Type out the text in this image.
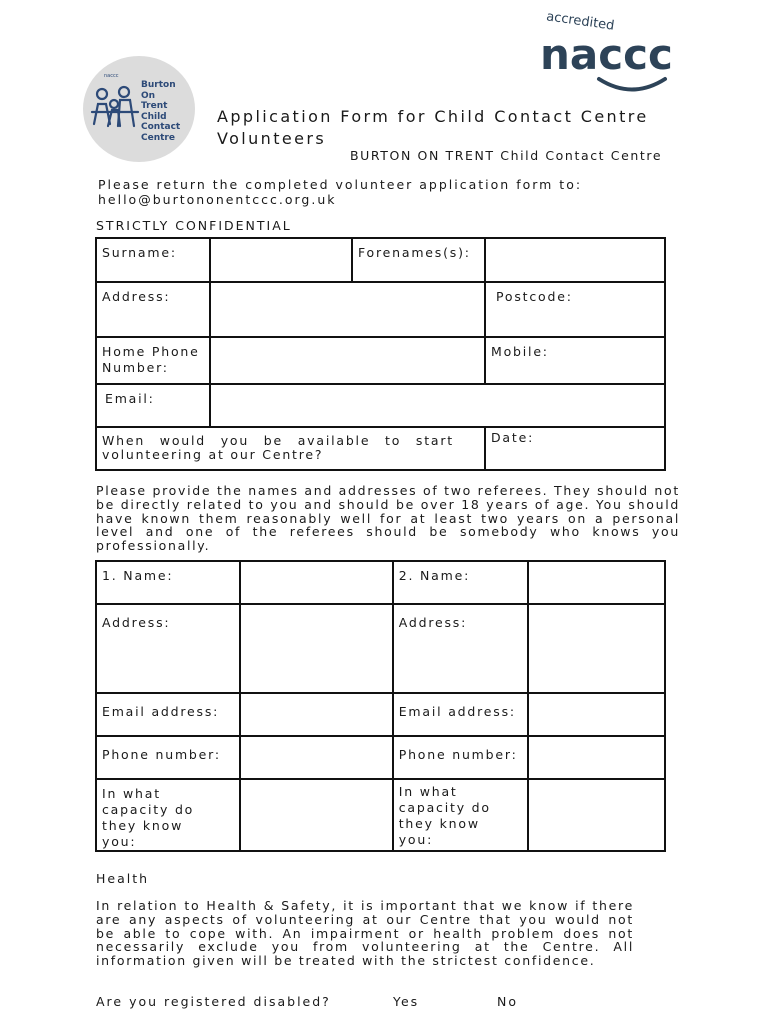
naccc
Burton
On
Trent
Child
Contact
Centre
accredited
naccc
Application Form for Child Contact Centre
Volunteers
BURTON ON TRENT Child Contact Centre
Please return the completed volunteer application form to:
hello@burtononentccc.org.uk
STRICTLY CONFIDENTIAL
Surname:		Forenames(s):	

Address:			Postcode:

Home Phone Number:			Mobile:

Email:			

When would you be available to start volunteering at our Centre?			Date:
Please provide the names and addresses of two referees. They should not be directly related to you and should be over 18 years of age. You should have known them reasonably well for at least two years on a personal level and one of the referees should be somebody who knows you professionally.
1. Name:		2. Name:	

Address:		Address:	

Email address:		Email address:	

Phone number:		Phone number:	

In what capacity do they know you:		In what capacity do they know you:	

Health
In relation to Health & Safety, it is important that we know if there are any aspects of volunteering at our Centre that you would not be able to cope with. An impairment or health problem does not necessarily exclude you from volunteering at the Centre. All information given will be treated with the strictest confidence.
Are you registered disabled?	Yes	No
